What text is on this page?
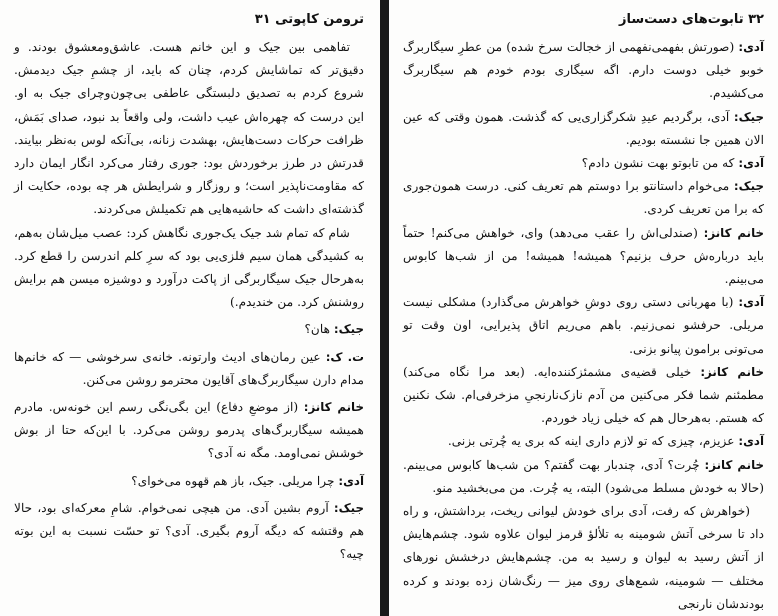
ترومن کاپوتی ۳۱

تفاهمی بین جیک و این خانم هست. عاشق‌ومعشوق بودند. و دقیق‌تر که تماشایش کردم، چنان که باید، از چشمِ جیک دیدمش. شروع کردم به تصدیق دلبستگی عاطفی بی‌چون‌وچرای جیک به او. این درست که چهره‌اش عیب داشت، ولی واقعاً بد نبود، صدای بَمَش، ظرافت حرکات دست‌هایش، بهشدت زنانه، بی‌آنکه لوس به‌نظر بیایند. قدرتش در طرز برخوردش بود: جوری رفتار می‌کرد انگار ایمان دارد که مقاومت‌ناپذیر است؛ و روزگار و شرایطش هر چه بوده، حکایت از گذشته‌ای داشت که حاشیه‌هایی هم تکمیلش می‌کردند.

شام که تمام شد جیک یک‌جوری نگاهش کرد: عصب میل‌شان به‌هم، به کشیدگی همان سیم فلزی‌یی بود که سرِ کلم اندرسن را قطع کرد. به‌هرحال جیک سیگاربرگی از پاکت درآورد و دوشیزه میسن هم برایش روشنش کرد. من خندیدم.)

جیک: هان؟

ت. ک: عین رمان‌های ادیث وارتونه. خانه‌ی سرخوشی — که خانم‌ها مدام دارن سیگاربرگ‌های آقایون محترمو روشن می‌کنن.

خانم کانز: (از موضعِ دفاع) این بگی‌نگی رسم این خونه‌س. مادرم همیشه سیگاربرگ‌های پدرمو روشن می‌کرد. با این‌که حتا از بوش خوشش نمی‌اومد. مگه نه آدی؟

آدی: چرا مریلی. جیک، باز هم قهوه می‌خوای؟

جیک: آروم بشین آدی. من هیچی نمی‌خوام. شامِ معرکه‌ای بود، حالا هم وقتشه که دیگه آروم بگیری. آدی؟ تو حسّت نسبت به این بوته چیه؟

۳۲ تابوت‌های دست‌ساز

آدی: (صورتش بفهمی‌نفهمی از خجالت سرخ شده) من عطرِ سیگاربرگ خوبو خیلی دوست دارم. اگه سیگاری بودم خودم هم سیگاربرگ می‌کشیدم.

جیک: آدی، برگردیم عیدِ شکرگزاری‌یی که گذشت. همون وقتی که عین الان همین جا نشسته بودیم.

آدی: که من تابوتو بهت نشون دادم؟

جیک: می‌خوام داستانتو برا دوستم هم تعریف کنی. درست همون‌جوری که برا من تعریف کردی.

خانم کانز: (صندلی‌اش را عقب می‌دهد) وای، خواهش می‌کنم! حتماً باید درباره‌ش حرف بزنیم؟ همیشه! همیشه! من از شب‌ها کابوس می‌بینم.

آدی: (با مهربانی دستی روی دوشِ خواهرش می‌گذارد) مشکلی نیست مریلی. حرفشو نمی‌زنیم. باهم می‌ریم اتاق پذیرایی، اون وقت تو می‌تونی برامون پیانو بزنی.

خانم کانز: خیلی قضیه‌ی مشمئزکننده‌ایه. (بعد مرا نگاه می‌کند) مطمئنم شما فکر می‌کنین من آدم نازک‌نارنجیِ مزخرفی‌ام. شک نکنین که هستم. به‌هرحال هم که خیلی زیاد خوردم.

آدی: عزیزم، چیزی که تو لازم داری اینه که بری یه چُرتی بزنی.

خانم کانز: چُرت؟ آدی، چندبار بهت گفتم؟ من شب‌ها کابوس می‌بینم. (حالا به خودش مسلط می‌شود) البته، یه چُرت. من می‌بخشید منو.

(خواهرش که رفت، آدی برای خودش لیوانی ریخت، برداشتش، و راه داد تا سرخی آتش شومینه به تلألؤ قرمز لیوان علاوه شود. چشم‌هایش از آتش رسید به لیوان و رسید به من. چشم‌هایش درخشش نورهای مختلف — شومینه، شمع‌های روی میز — رنگ‌شان زده بودند و کرده بودندشان نارنجی
